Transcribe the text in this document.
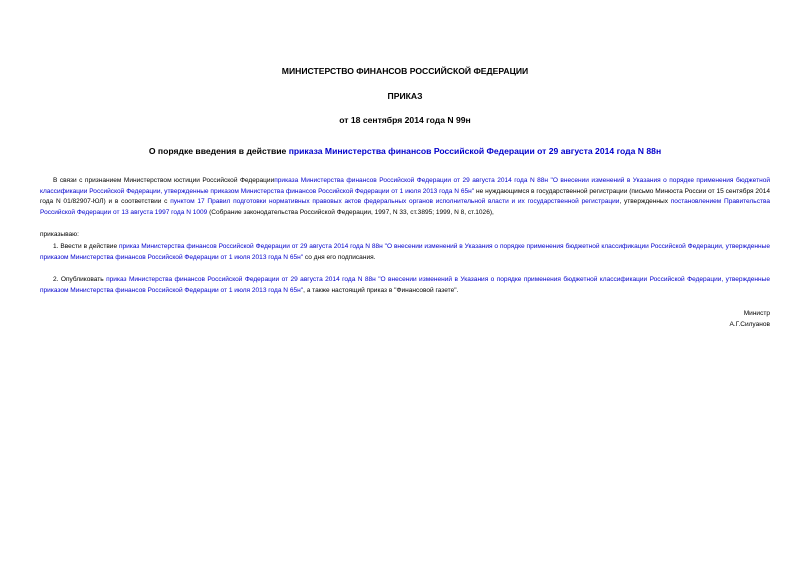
МИНИСТЕРСТВО ФИНАНСОВ РОССИЙСКОЙ ФЕДЕРАЦИИ

ПРИКАЗ

от 18 сентября 2014 года N 99н

О порядке введения в действие приказа Министерства финансов Российской Федерации от 29 августа 2014 года N 88н

В связи с признанием Министерством юстиции Российской Федерацииприказа Министерства финансов Российской Федерации от 29 августа 2014 года N 88н "О внесении изменений в Указания о порядке применения бюджетной классификации Российской Федерации, утвержденные приказом Министерства финансов Российской Федерации от 1 июля 2013 года N 65н" не нуждающимся в государственной регистрации (письмо Минюста России от 15 сентября 2014 года N 01/82907-ЮЛ) и в соответствии с пунктом 17 Правил подготовки нормативных правовых актов федеральных органов исполнительной власти и их государственной регистрации, утвержденных постановлением Правительства Российской Федерации от 13 августа 1997 года N 1009 (Собрание законодательства Российской Федерации, 1997, N 33, ст.3895; 1999, N 8, ст.1026),

приказываю:

1. Ввести в действие приказ Министерства финансов Российской Федерации от 29 августа 2014 года N 88н "О внесении изменений в Указания о порядке применения бюджетной классификации Российской Федерации, утвержденные приказом Министерства финансов Российской Федерации от 1 июля 2013 года N 65н" со дня его подписания.

2. Опубликовать приказ Министерства финансов Российской Федерации от 29 августа 2014 года N 88н "О внесении изменений в Указания о порядке применения бюджетной классификации Российской Федерации, утвержденные приказом Министерства финансов Российской Федерации от 1 июля 2013 года N 65н", а также настоящий приказ в "Финансовой газете".

Министр

А.Г.Силуанов
